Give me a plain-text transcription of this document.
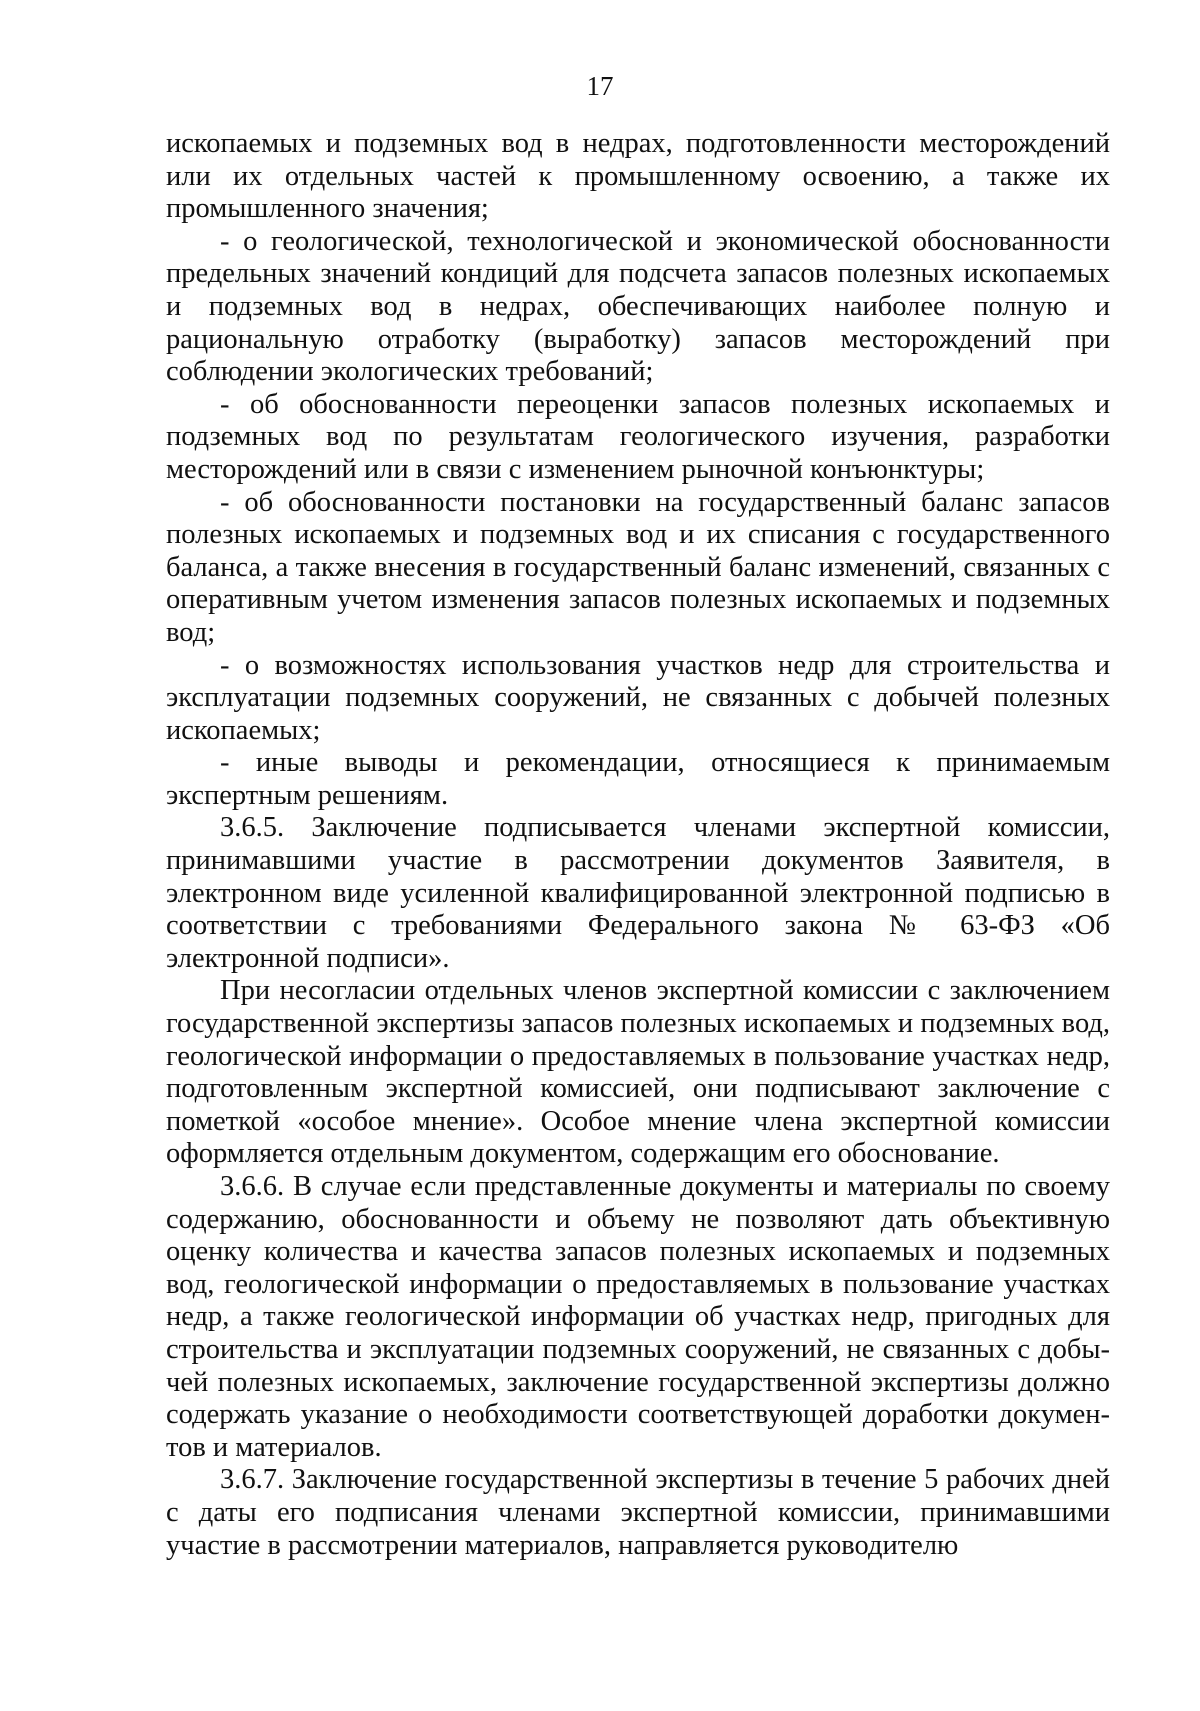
17

ископаемых и подземных вод в недрах, подготовленности месторождений или их отдельных частей к промышленному освоению, а также их промышленного значения;

- о геологической, технологической и экономической обоснованности предельных значений кондиций для подсчета запасов полезных ископаемых и подземных вод в недрах, обеспечивающих наиболее полную и рациональную отработку (выработку) запасов месторождений при соблюдении экологических требований;

- об обоснованности переоценки запасов полезных ископаемых и подземных вод по результатам геологического изучения, разработки месторождений или в связи с изменением рыночной конъюнктуры;

- об обоснованности постановки на государственный баланс запасов полезных ископаемых и подземных вод и их списания с государственного баланса, а также внесения в государственный баланс изменений, связанных с оперативным учетом изменения запасов полезных ископаемых и подземных вод;

- о возможностях использования участков недр для строительства и эксплуатации подземных сооружений, не связанных с добычей полезных ископаемых;

- иные выводы и рекомендации, относящиеся к принимаемым экспертным решениям.

3.6.5. Заключение подписывается членами экспертной комиссии, принимавшими участие в рассмотрении документов Заявителя, в электронном виде усиленной квалифицированной электронной подписью в соответствии с требованиями Федерального закона № 63-ФЗ «Об электронной подписи».

При несогласии отдельных членов экспертной комиссии с заключением государственной экспертизы запасов полезных ископаемых и подземных вод, геологической информации о предоставляемых в пользование участках недр, подготовленным экспертной комиссией, они подписывают заключение с пометкой «особое мнение». Особое мнение члена экспертной комиссии оформляется отдельным документом, содержащим его обоснование.

3.6.6. В случае если представленные документы и материалы по своему содержанию, обоснованности и объему не позволяют дать объективную оценку количества и качества запасов полезных ископаемых и подземных вод, геологической информации о предоставляемых в пользование участках недр, а также геологической информации об участках недр, пригодных для строительства и эксплуатации подземных сооружений, не связанных с добы-чей полезных ископаемых, заключение государственной экспертизы должно содержать указание о необходимости соответствующей доработки докумен-тов и материалов.

3.6.7. Заключение государственной экспертизы в течение 5 рабочих дней с даты его подписания членами экспертной комиссии, принимавшими участие в рассмотрении материалов, направляется руководителю
